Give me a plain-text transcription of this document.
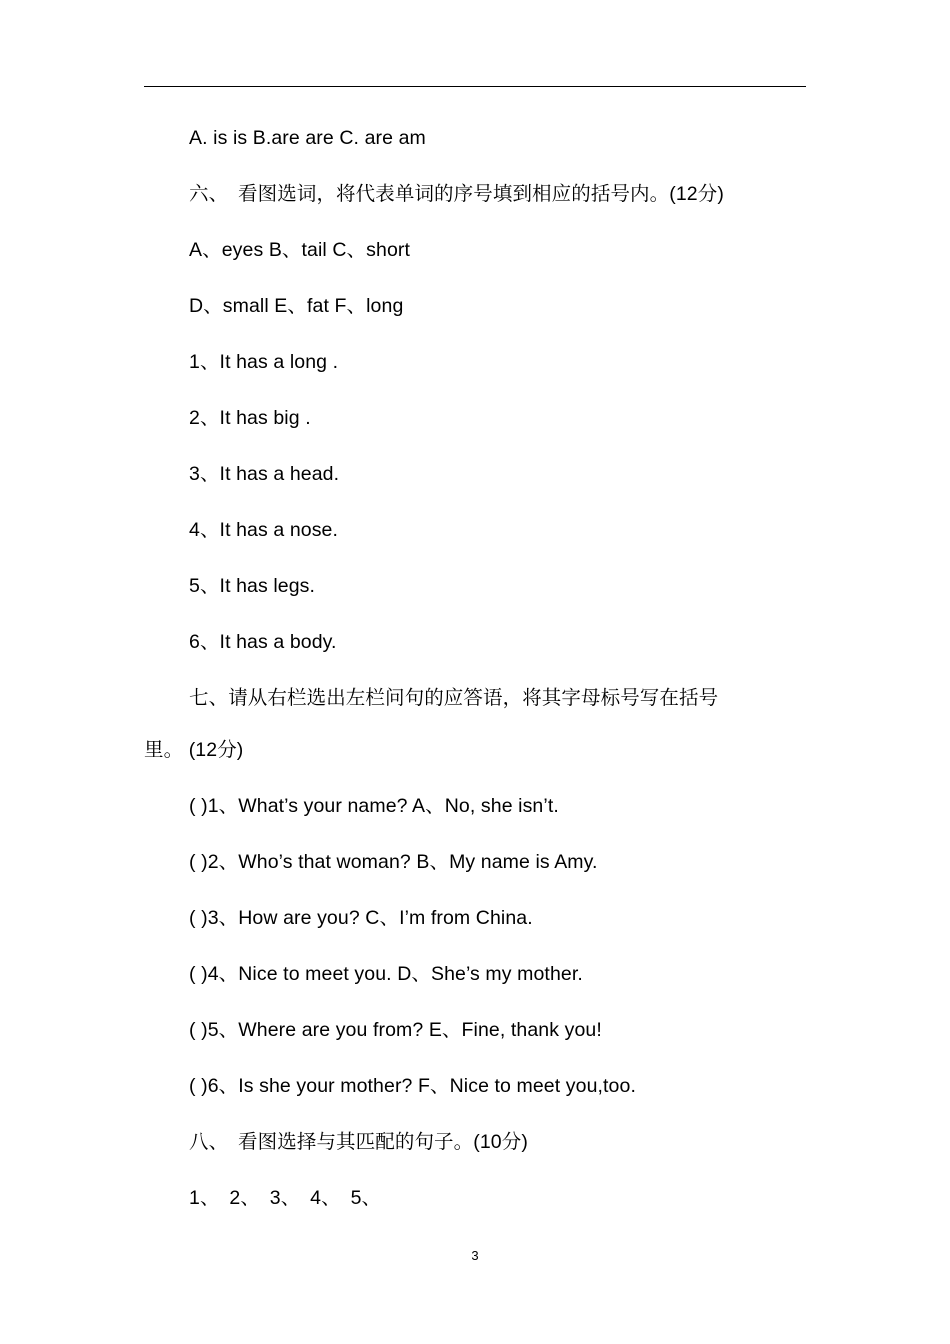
A. is is B.are are C. are am
六、　看图选词，将代表单词的序号填到相应的括号内。(12分)
A、eyes B、tail C、short
D、small E、fat F、long
1、It has a long .
2、It has big .
3、It has a head.
4、It has a nose.
5、It has legs.
6、It has a body.
七、请从右栏选出左栏问句的应答语，将其字母标号写在括号
里。 (12分)
( )1、What’s your name? A、No, she isn’t.
( )2、Who’s that woman? B、My name is Amy.
( )3、How are you? C、I’m from China.
( )4、Nice to meet you. D、She’s my mother.
( )5、Where are you from? E、Fine, thank you!
( )6、Is she your mother? F、Nice to meet you,too.
八、　看图选择与其匹配的句子。(10分)
1、　2、　3、　4、　5、
3
